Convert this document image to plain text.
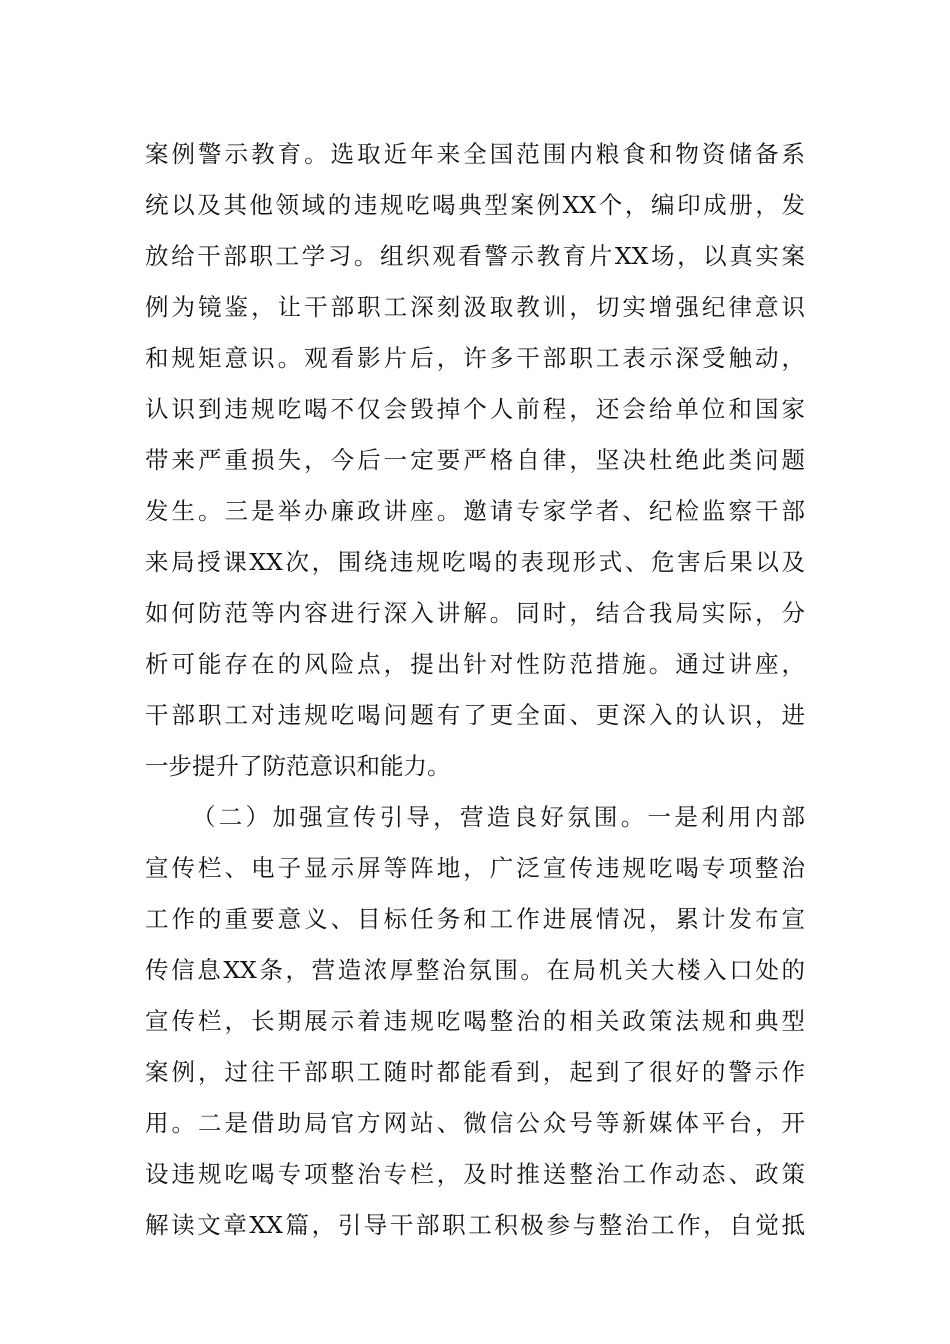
案例警示教育。选取近年来全国范围内粮食和物资储备系
统以及其他领域的违规吃喝典型案例XX个，编印成册，发
放给干部职工学习。组织观看警示教育片XX场，以真实案
例为镜鉴，让干部职工深刻汲取教训，切实增强纪律意识
和规矩意识。观看影片后，许多干部职工表示深受触动，
认识到违规吃喝不仅会毁掉个人前程，还会给单位和国家
带来严重损失，今后一定要严格自律，坚决杜绝此类问题
发生。三是举办廉政讲座。邀请专家学者、纪检监察干部
来局授课XX次，围绕违规吃喝的表现形式、危害后果以及
如何防范等内容进行深入讲解。同时，结合我局实际，分
析可能存在的风险点，提出针对性防范措施。通过讲座，
干部职工对违规吃喝问题有了更全面、更深入的认识，进
一步提升了防范意识和能力。
（二）加强宣传引导，营造良好氛围。一是利用内部
宣传栏、电子显示屏等阵地，广泛宣传违规吃喝专项整治
工作的重要意义、目标任务和工作进展情况，累计发布宣
传信息XX条，营造浓厚整治氛围。在局机关大楼入口处的
宣传栏，长期展示着违规吃喝整治的相关政策法规和典型
案例，过往干部职工随时都能看到，起到了很好的警示作
用。二是借助局官方网站、微信公众号等新媒体平台，开
设违规吃喝专项整治专栏，及时推送整治工作动态、政策
解读文章XX篇，引导干部职工积极参与整治工作，自觉抵
